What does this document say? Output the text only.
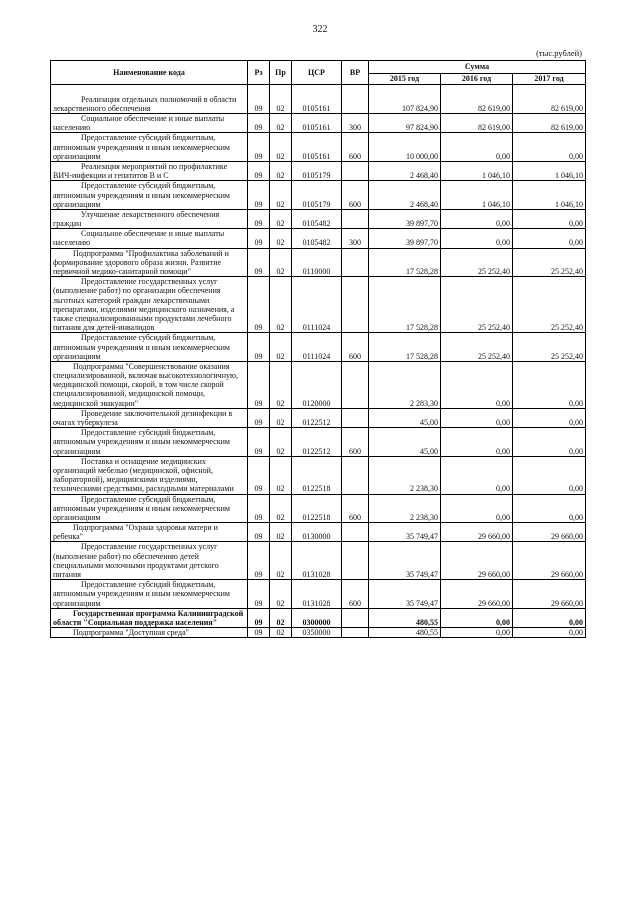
322
(тыс.рублей)
Наименование кода	Рз	Пр	ЦСР	ВР	Сумма		
					2015 год	2016 год	2017 год
Реализация отдельных полномочий в области лекарственного обеспечения	09	02	0105161		107 824,90	82 619,00	82 619,00
Социальное обеспечение и иные выплаты населению	09	02	0105161	300	97 824,90	82 619,00	82 619,00
Предоставление субсидий бюджетным, автономным учреждениям и иным некоммерческим организациям	09	02	0105161	600	10 000,00	0,00	0,00
Реализация мероприятий по профилактике ВИЧ-инфекции и гепатитов В и С	09	02	0105179		2 468,40	1 046,10	1 046,10
Предоставление субсидий бюджетным, автономным учреждениям и иным некоммерческим организациям	09	02	0105179	600	2 468,40	1 046,10	1 046,10
Улучшение лекарственного обеспечения граждан	09	02	0105482		39 897,70	0,00	0,00
Социальное обеспечение и иные выплаты населению	09	02	0105482	300	39 897,70	0,00	0,00
Подпрограмма "Профилактика заболеваний и формирование здорового образа жизни. Развитие первичной медико-санитарной помощи"	09	02	0110000		17 528,28	25 252,40	25 252,40
Предоставление государственных услуг (выполнение работ) по организации обеспечения льготных категорий граждан лекарственными препаратами, изделиями медицинского назначения, а также специализированными продуктами лечебного питания для детей-инвалидов	09	02	0111024		17 528,28	25 252,40	25 252,40
Предоставление субсидий бюджетным, автономным учреждениям и иным некоммерческим организациям	09	02	0111024	600	17 528,28	25 252,40	25 252,40
Подпрограмма "Совершенствование оказания специализированной, включая высокотехнологичную, медицинской помощи, скорой, в том числе скорой специализированной, медицинской помощи, медицинской эвакуации"	09	02	0120000		2 283,30	0,00	0,00
Проведение заключительной дезинфекции в очагах туберкулеза	09	02	0122512		45,00	0,00	0,00
Предоставление субсидий бюджетным, автономным учреждениям и иным некоммерческим организациям	09	02	0122512	600	45,00	0,00	0,00
Поставка и оснащение медицинских организаций мебелью (медицинской, офисной, лабораторной), медицинскими изделиями, техническими средствами, расходными материалами	09	02	0122518		2 238,30	0,00	0,00
Предоставление субсидий бюджетным, автономным учреждениям и иным некоммерческим организациям	09	02	0122518	600	2 238,30	0,00	0,00
Подпрограмма "Охрана здоровья матери и ребенка"	09	02	0130000		35 749,47	29 660,00	29 660,00
Предоставление государственных услуг (выполнение работ) по обеспечению детей специальными молочными продуктами детского питания	09	02	0131028		35 749,47	29 660,00	29 660,00
Предоставление субсидий бюджетным, автономным учреждениям и иным некоммерческим организациям	09	02	0131028	600	35 749,47	29 660,00	29 660,00
Государственная программа Калининградской области "Социальная поддержка населения"	09	02	0300000		480,55	0,00	0,00
Подпрограмма "Доступная среда"	09	02	0350000		480,55	0,00	0,00
